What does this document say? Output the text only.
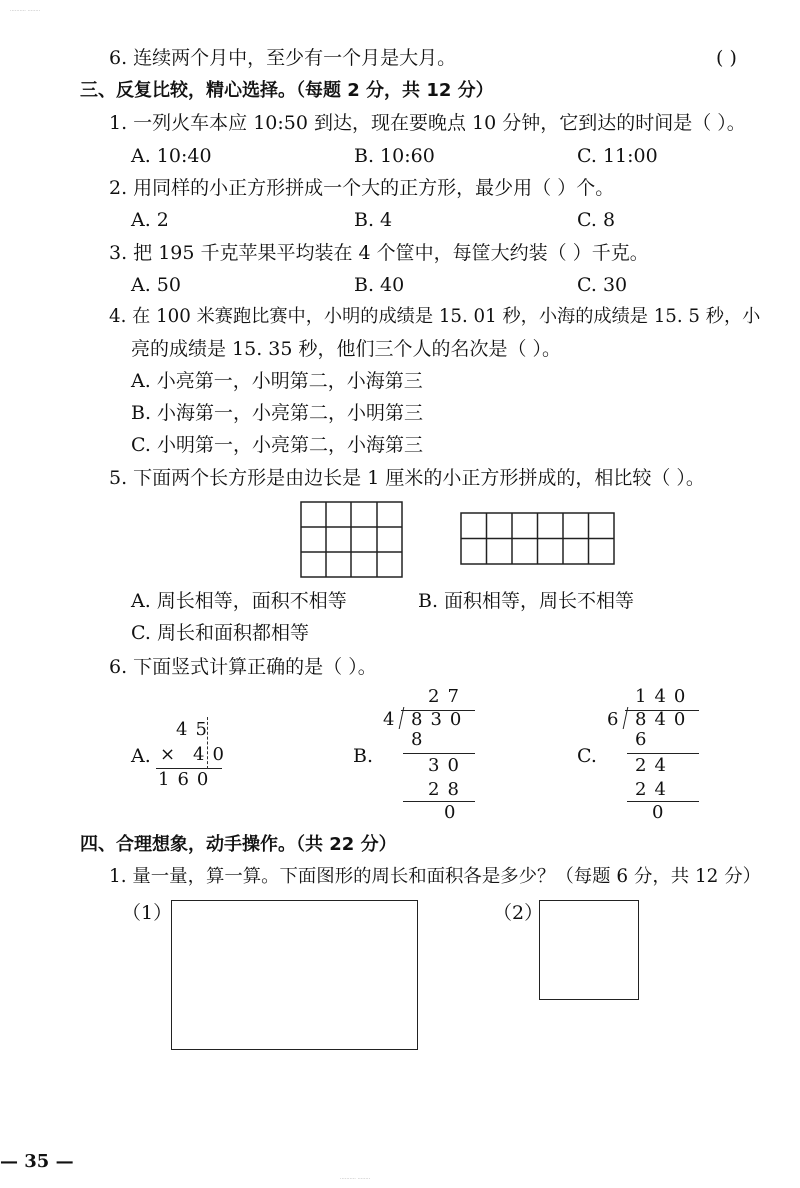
·········· ········
6. 连续两个月中，至少有一个月是大月。	( )
三、反复比较，精心选择。（每题 2 分，共 12 分）
1. 一列火车本应 10:50 到达，现在要晚点 10 分钟，它到达的时间是（ ）。
A. 10:40	B. 10:60	C. 11:00
2. 用同样的小正方形拼成一个大的正方形，最少用（ ）个。
A. 2	B. 4	C. 8
3. 把 195 千克苹果平均装在 4 个筐中，每筐大约装（ ）千克。
A. 50	B. 40	C. 30
4. 在 100 米赛跑比赛中，小明的成绩是 15. 01 秒，小海的成绩是 15. 5 秒，小
亮的成绩是 15. 35 秒，他们三个人的名次是（ ）。
A. 小亮第一，小明第二，小海第三
B. 小海第一，小亮第二，小明第三
C. 小明第一，小亮第二，小海第三
5. 下面两个长方形是由边长是 1 厘米的小正方形拼成的，相比较（ ）。
A. 周长相等，面积不相等	B. 面积相等，周长不相等
C. 周长和面积都相等
6. 下面竖式计算正确的是（ ）。
A.
45
× 40
160
B.
27
4 830
8
30
28
0
C.
140
6 840
6
24
24
0
四、合理想象，动手操作。（共 22 分）
1. 量一量，算一算。下面图形的周长和面积各是多少？（每题 6 分，共 12 分）
（1）	（2）
— 35 —
·········· ········
